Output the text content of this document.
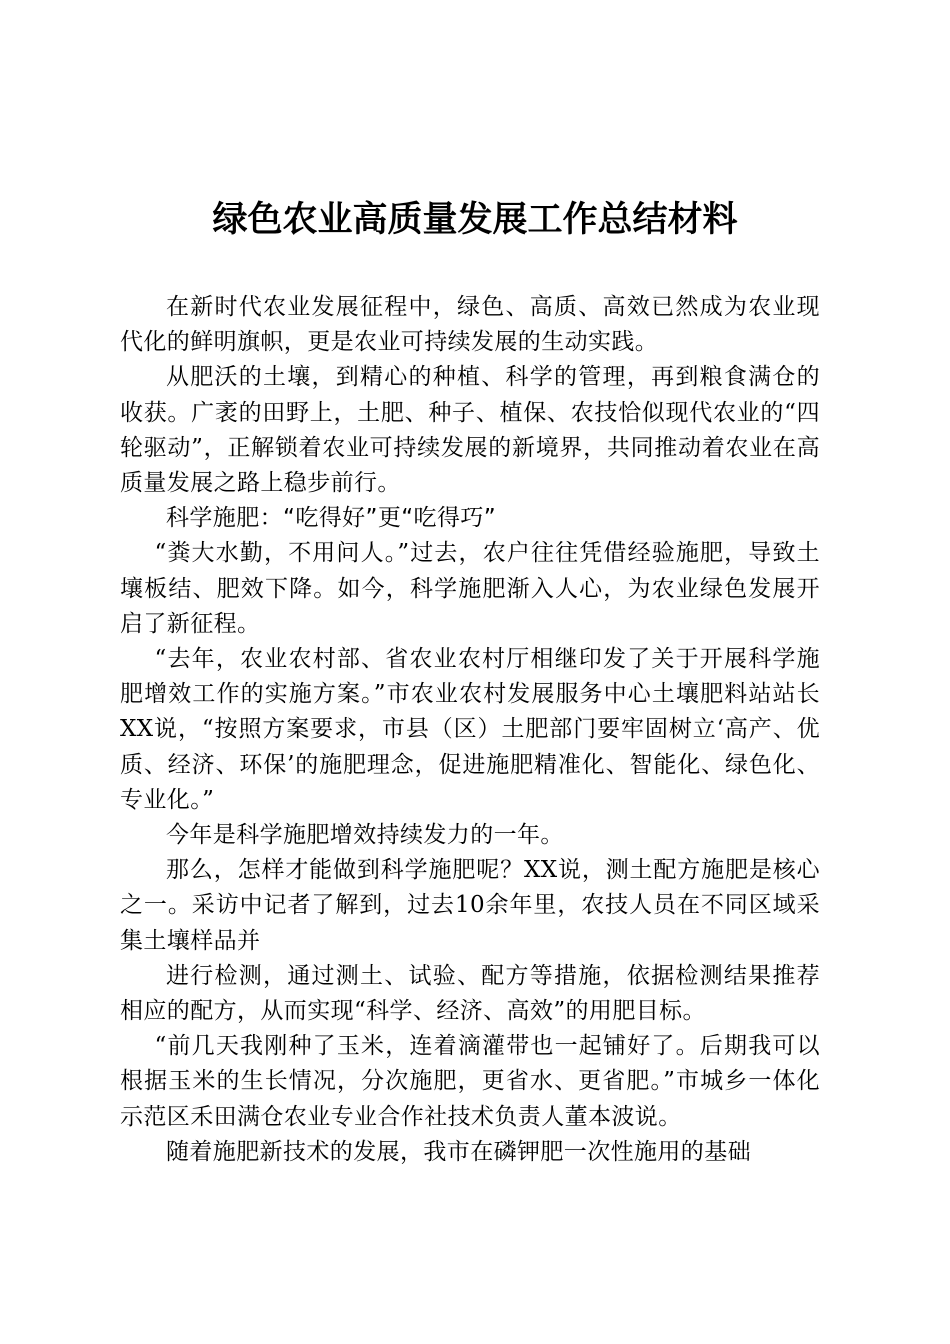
绿色农业高质量发展工作总结材料

在新时代农业发展征程中，绿色、高质、高效已然成为农业现代化的鲜明旗帜，更是农业可持续发展的生动实践。

从肥沃的土壤，到精心的种植、科学的管理，再到粮食满仓的收获。广袤的田野上，土肥、种子、植保、农技恰似现代农业的“四轮驱动”，正解锁着农业可持续发展的新境界，共同推动着农业在高质量发展之路上稳步前行。

科学施肥：“吃得好”更“吃得巧”

“粪大水勤，不用问人。”过去，农户往往凭借经验施肥，导致土壤板结、肥效下降。如今，科学施肥渐入人心，为农业绿色发展开启了新征程。

“去年，农业农村部、省农业农村厅相继印发了关于开展科学施肥增效工作的实施方案。”市农业农村发展服务中心土壤肥料站站长XX说，“按照方案要求，市县（区）土肥部门要牢固树立‘高产、优质、经济、环保’的施肥理念，促进施肥精准化、智能化、绿色化、专业化。”

今年是科学施肥增效持续发力的一年。

那么，怎样才能做到科学施肥呢？XX说，测土配方施肥是核心之一。采访中记者了解到，过去10余年里，农技人员在不同区域采集土壤样品并

进行检测，通过测土、试验、配方等措施，依据检测结果推荐相应的配方，从而实现“科学、经济、高效”的用肥目标。

“前几天我刚种了玉米，连着滴灌带也一起铺好了。后期我可以根据玉米的生长情况，分次施肥，更省水、更省肥。”市城乡一体化示范区禾田满仓农业专业合作社技术负责人董本波说。

随着施肥新技术的发展，我市在磷钾肥一次性施用的基础
